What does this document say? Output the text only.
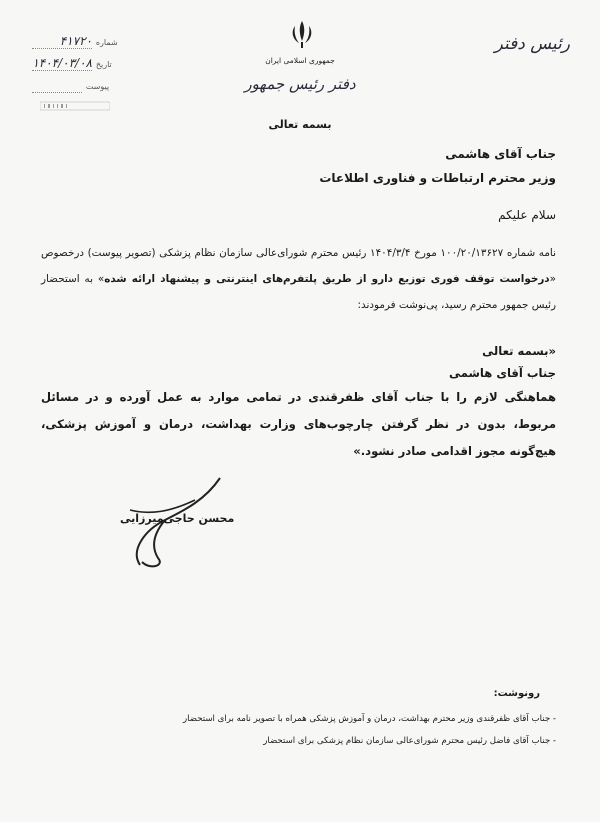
جمهوری اسلامی ایران
دفتر رئیس جمهور
رئیس دفتر
شماره ۴۱۷۲۰
تاریخ ۱۴۰۴/۰۳/۰۸
پیوست
بسمه تعالی
جناب آقای هاشمی
وزیر محترم ارتباطات و فناوری اطلاعات
سلام علیکم
نامه شماره ۱۰۰/۲۰/۱۳۶۲۷ مورخ ۱۴۰۴/۳/۴ رئیس محترم شورای‌عالی سازمان نظام پزشکی (تصویر پیوست) درخصوص «درخواست توقف فوری توزیع دارو از طریق پلتفرم‌های اینترنتی و پیشنهاد ارائه شده» به استحضار رئیس جمهور محترم رسید، پی‌نوشت فرمودند:
«بسمه تعالی
جناب آقای هاشمی
هماهنگی لازم را با جناب آقای ظفرقندی در تمامی موارد به عمل آورده و در مسائل مربوط، بدون در نظر گرفتن چارچوب‌های وزارت بهداشت، درمان و آموزش پزشکی، هیچ‌گونه مجوز اقدامی صادر نشود.»
محسن حاجی‌میرزایی
رونوشت:
- جناب آقای ظفرقندی وزیر محترم بهداشت، درمان و آموزش پزشکی همراه با تصویر نامه برای استحضار
- جناب آقای فاضل رئیس محترم شورای‌عالی سازمان نظام پزشکی برای استحضار
